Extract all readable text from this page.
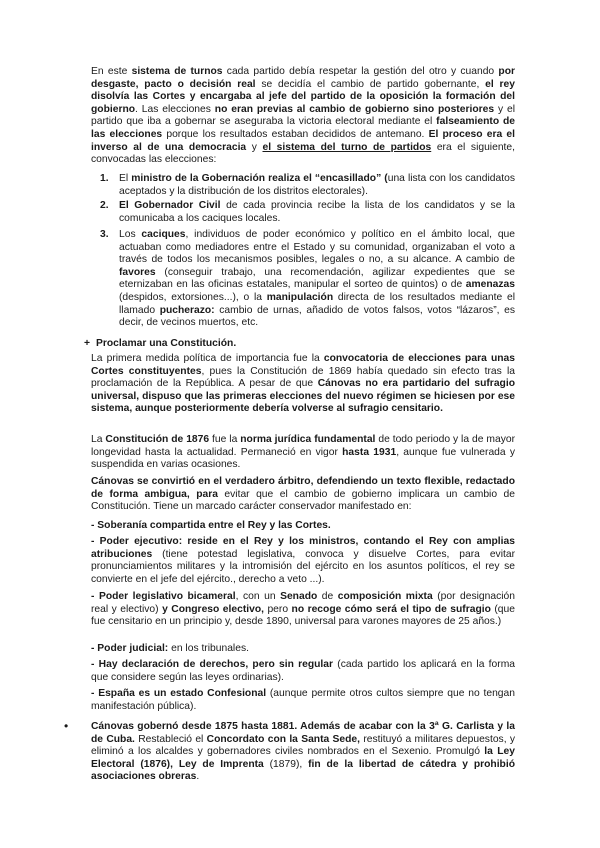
En este sistema de turnos cada partido debía respetar la gestión del otro y cuando por desgaste, pacto o decisión real se decidía el cambio de partido gobernante, el rey disolvía las Cortes y encargaba al jefe del partido de la oposición la formación del gobierno. Las elecciones no eran previas al cambio de gobierno sino posteriores y el partido que iba a gobernar se aseguraba la victoria electoral mediante el falseamiento de las elecciones porque los resultados estaban decididos de antemano. El proceso era el inverso al de una democracia y el sistema del turno de partidos era el siguiente, convocadas las elecciones:
1. El ministro de la Gobernación realiza el “encasillado” (una lista con los candidatos aceptados y la distribución de los distritos electorales).
2. El Gobernador Civil de cada provincia recibe la lista de los candidatos y se la comunicaba a los caciques locales.
3. Los caciques, individuos de poder económico y político en el ámbito local, que actuaban como mediadores entre el Estado y su comunidad, organizaban el voto a través de todos los mecanismos posibles, legales o no, a su alcance. A cambio de favores (conseguir trabajo, una recomendación, agilizar expedientes que se eternizaban en las oficinas estatales, manipular el sorteo de quintos) o de amenazas (despidos, extorsiones...), o la manipulación directa de los resultados mediante el llamado pucherazo: cambio de urnas, añadido de votos falsos, votos “lázaros”, es decir, de vecinos muertos, etc.
+ Proclamar una Constitución.
La primera medida política de importancia fue la convocatoria de elecciones para unas Cortes constituyentes, pues la Constitución de 1869 había quedado sin efecto tras la proclamación de la República. A pesar de que Cánovas no era partidario del sufragio universal, dispuso que las primeras elecciones del nuevo régimen se hiciesen por ese sistema, aunque posteriormente debería volverse al sufragio censitario.
La Constitución de 1876 fue la norma jurídica fundamental de todo periodo y la de mayor longevidad hasta la actualidad. Permaneció en vigor hasta 1931, aunque fue vulnerada y suspendida en varias ocasiones.
Cánovas se convirtió en el verdadero árbitro, defendiendo un texto flexible, redactado de forma ambigua, para evitar que el cambio de gobierno implicara un cambio de Constitución. Tiene un marcado carácter conservador manifestado en:
- Soberanía compartida entre el Rey y las Cortes.
- Poder ejecutivo: reside en el Rey y los ministros, contando el Rey con amplias atribuciones (tiene potestad legislativa, convoca y disuelve Cortes, para evitar pronunciamientos militares y la intromisión del ejército en los asuntos políticos, el rey se convierte en el jefe del ejército., derecho a veto ...).
- Poder legislativo bicameral, con un Senado de composición mixta (por designación real y electivo) y Congreso electivo, pero no recoge cómo será el tipo de sufragio (que fue censitario en un principio y, desde 1890, universal para varones mayores de 25 años.)
- Poder judicial: en los tribunales.
- Hay declaración de derechos, pero sin regular (cada partido los aplicará en la forma que considere según las leyes ordinarias).
- España es un estado Confesional (aunque permite otros cultos siempre que no tengan manifestación pública).
• Cánovas gobernó desde 1875 hasta 1881. Además de acabar con la 3ª G. Carlista y la de Cuba. Restableció el Concordato con la Santa Sede, restituyó a militares depuestos, y eliminó a los alcaldes y gobernadores civiles nombrados en el Sexenio. Promulgó la Ley Electoral (1876), Ley de Imprenta (1879), fin de la libertad de cátedra y prohibió asociaciones obreras.
